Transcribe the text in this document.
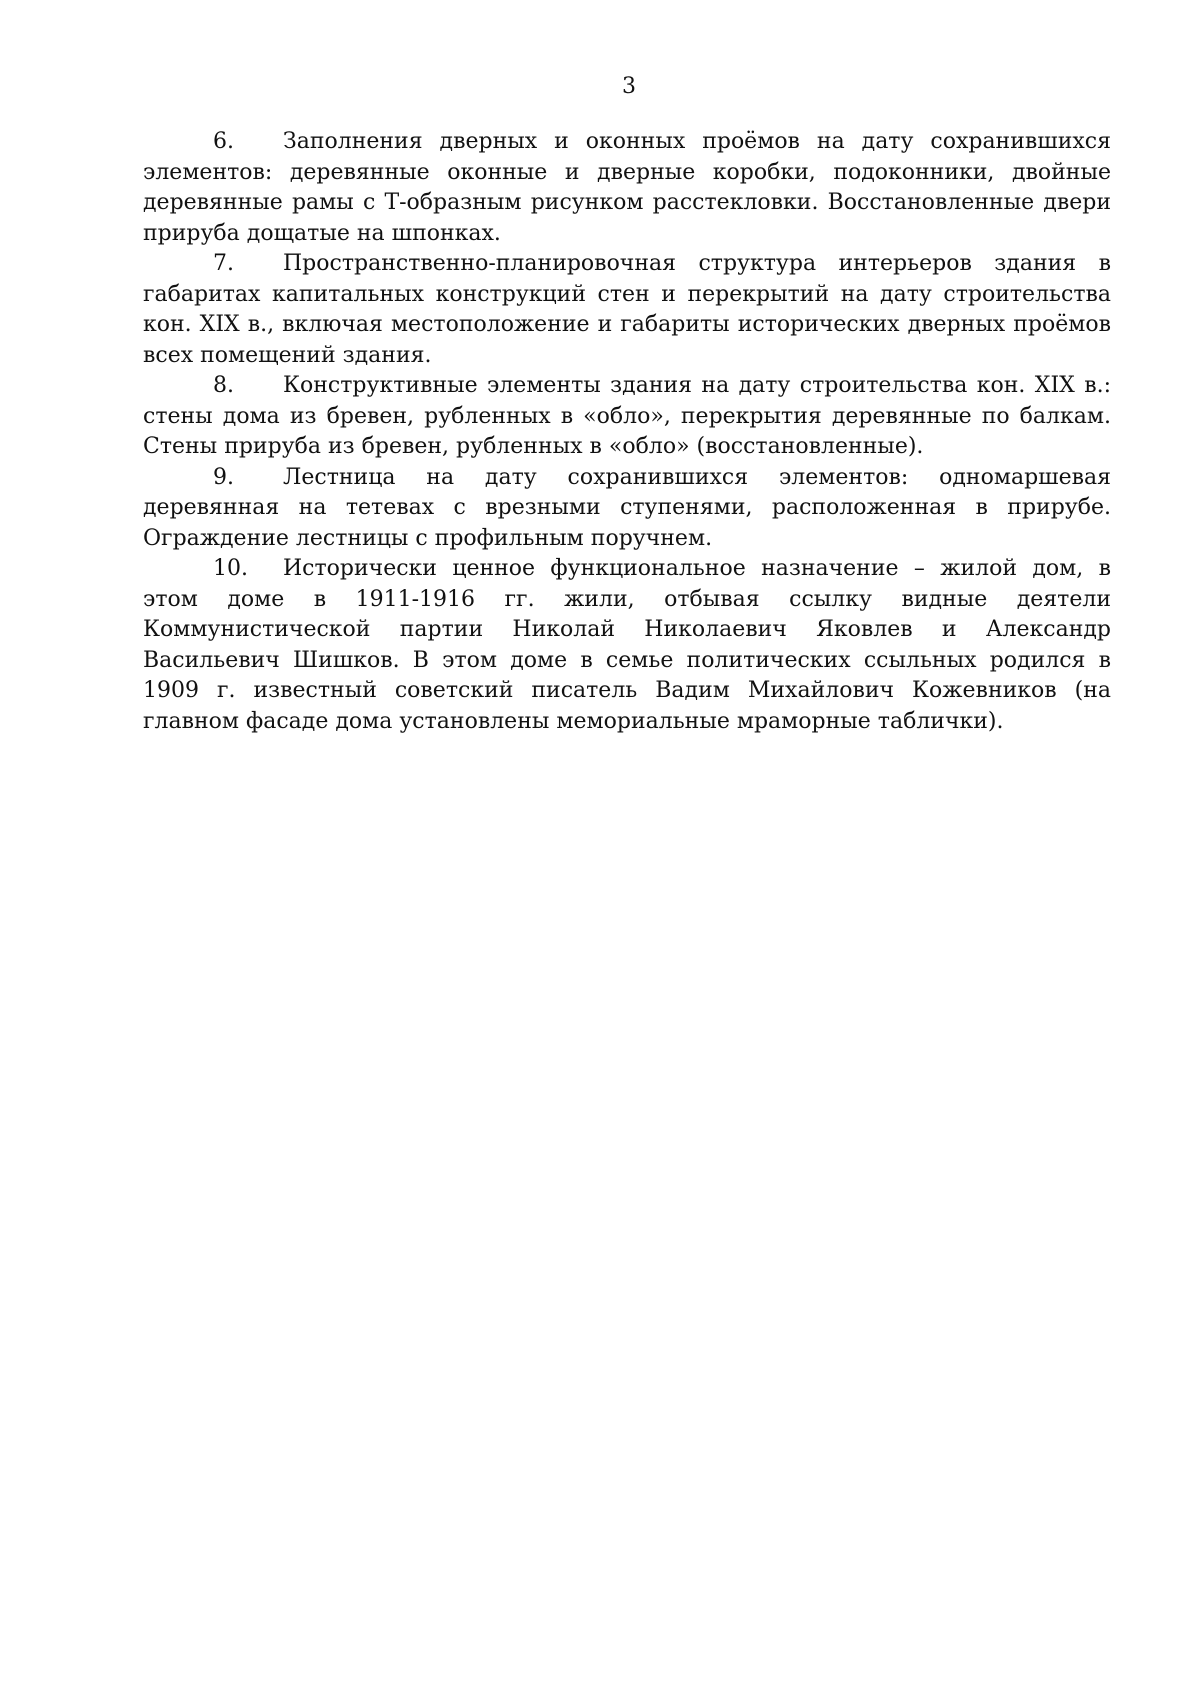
3

6. Заполнения дверных и оконных проёмов на дату сохранившихся элементов: деревянные оконные и дверные коробки, подоконники, двойные деревянные рамы с Т-образным рисунком расстекловки. Восстановленные двери прируба дощатые на шпонках.

7. Пространственно-планировочная структура интерьеров здания в габаритах капитальных конструкций стен и перекрытий на дату строительства кон. XIX в., включая местоположение и габариты исторических дверных проёмов всех помещений здания.

8. Конструктивные элементы здания на дату строительства кон. XIX в.: стены дома из бревен, рубленных в «обло», перекрытия деревянные по балкам. Стены прируба из бревен, рубленных в «обло» (восстановленные).

9. Лестница на дату сохранившихся элементов: одномаршевая деревянная на тетевах с врезными ступенями, расположенная в прирубе. Ограждение лестницы с профильным поручнем.

10. Исторически ценное функциональное назначение – жилой дом, в этом доме в 1911-1916 гг. жили, отбывая ссылку видные деятели Коммунистической партии Николай Николаевич Яковлев и Александр Васильевич Шишков. В этом доме в семье политических ссыльных родился в 1909 г. известный советский писатель Вадим Михайлович Кожевников (на главном фасаде дома установлены мемориальные мраморные таблички).
